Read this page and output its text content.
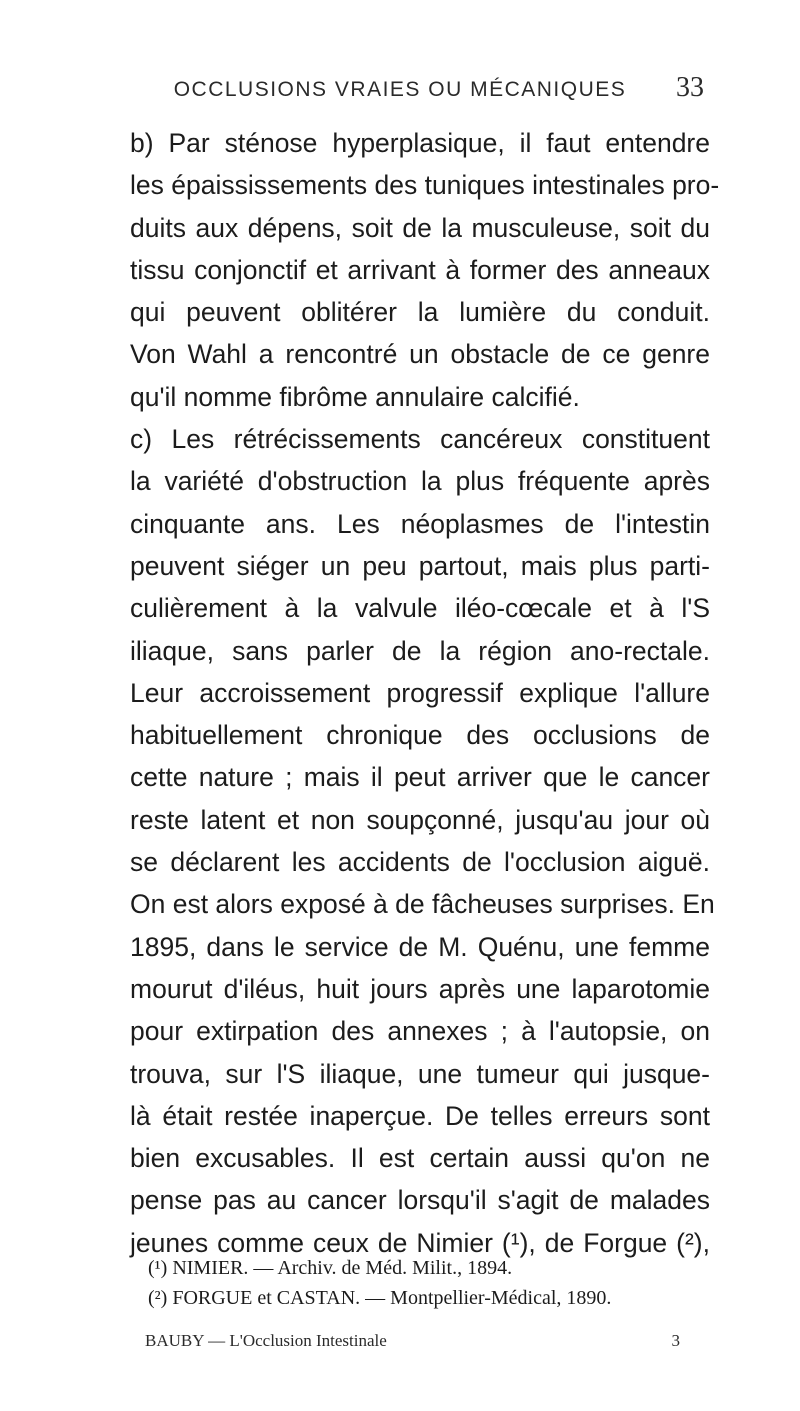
OCCLUSIONS VRAIES OU MÉCANIQUES	33
b) Par sténose hyperplasique, il faut entendre
les épaississements des tuniques intestinales pro-
duits aux dépens, soit de la musculeuse, soit du
tissu conjonctif et arrivant à former des anneaux
qui peuvent oblitérer la lumière du conduit.
Von Wahl a rencontré un obstacle de ce genre
qu'il nomme fibrôme annulaire calcifié.
c) Les rétrécissements cancéreux constituent
la variété d'obstruction la plus fréquente après
cinquante ans. Les néoplasmes de l'intestin
peuvent siéger un peu partout, mais plus parti-
culièrement à la valvule iléo-cœcale et à l'S
iliaque, sans parler de la région ano-rectale.
Leur accroissement progressif explique l'allure
habituellement chronique des occlusions de
cette nature ; mais il peut arriver que le cancer
reste latent et non soupçonné, jusqu'au jour où
se déclarent les accidents de l'occlusion aiguë.
On est alors exposé à de fâcheuses surprises. En
1895, dans le service de M. Quénu, une femme
mourut d'iléus, huit jours après une laparotomie
pour extirpation des annexes ; à l'autopsie, on
trouva, sur l'S iliaque, une tumeur qui jusque-
là était restée inaperçue. De telles erreurs sont
bien excusables. Il est certain aussi qu'on ne
pense pas au cancer lorsqu'il s'agit de malades
jeunes comme ceux de Nimier (¹), de Forgue (²),
(¹) NIMIER. — Archiv. de Méd. Milit., 1894.
(²) FORGUE et CASTAN. — Montpellier-Médical, 1890.
BAUBY — L'Occlusion Intestinale	3
